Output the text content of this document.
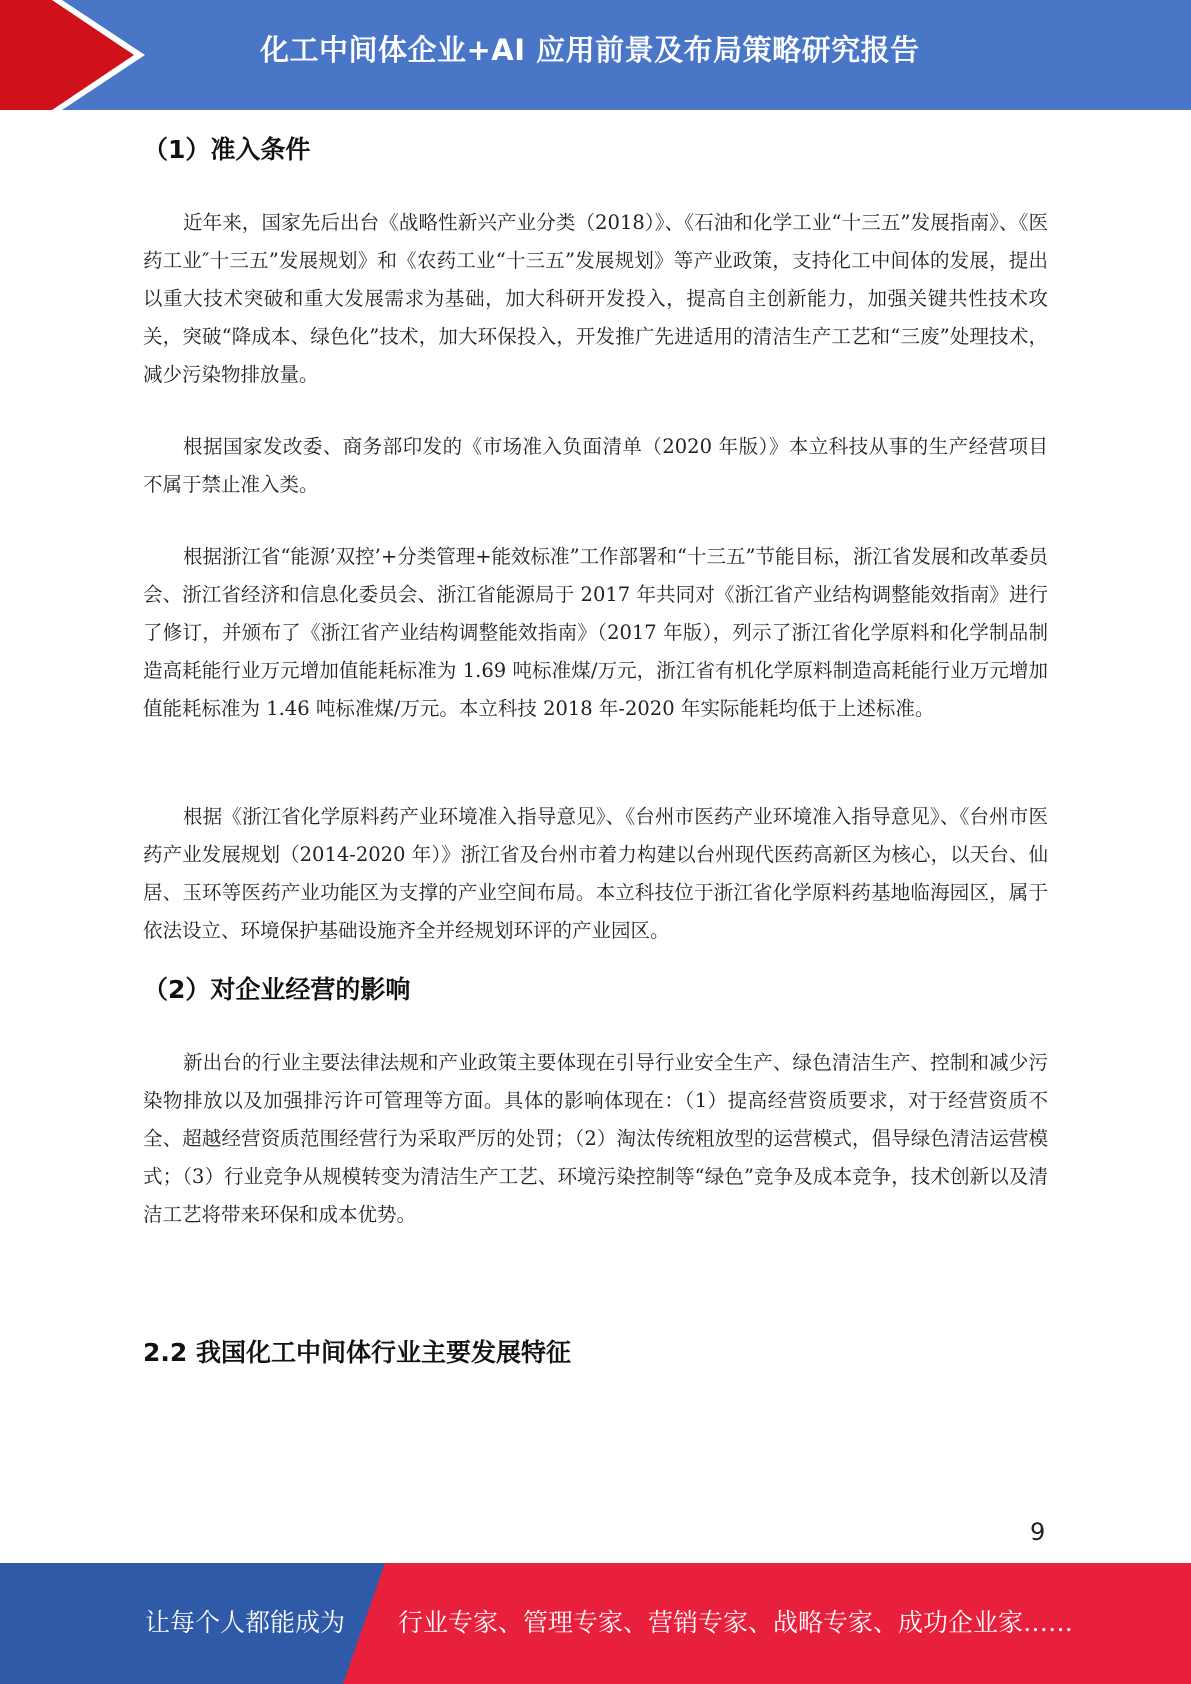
化工中间体企业+AI 应用前景及布局策略研究报告
（1）准入条件

近年来，国家先后出台《战略性新兴产业分类（2018）》、《石油和化学工业“十三五”发展指南》、《医药工业″十三五”发展规划》和《农药工业“十三五”发展规划》等产业政策，支持化工中间体的发展，提出以重大技术突破和重大发展需求为基础，加大科研开发投入，提高自主创新能力，加强关键共性技术攻关，突破“降成本、绿色化”技术，加大环保投入，开发推广先进适用的清洁生产工艺和“三废”处理技术，减少污染物排放量。

根据国家发改委、商务部印发的《市场准入负面清单（2020 年版）》本立科技从事的生产经营项目不属于禁止准入类。

根据浙江省“能源’双控’+分类管理+能效标准”工作部署和“十三五”节能目标，浙江省发展和改革委员会、浙江省经济和信息化委员会、浙江省能源局于 2017 年共同对《浙江省产业结构调整能效指南》进行了修订，并颁布了《浙江省产业结构调整能效指南》（2017 年版），列示了浙江省化学原料和化学制品制造高耗能行业万元增加值能耗标准为 1.69 吨标准煤/万元，浙江省有机化学原料制造高耗能行业万元增加值能耗标准为 1.46 吨标准煤/万元。本立科技 2018 年-2020 年实际能耗均低于上述标准。

根据《浙江省化学原料药产业环境准入指导意见》、《台州市医药产业环境准入指导意见》、《台州市医药产业发展规划（2014-2020 年）》浙江省及台州市着力构建以台州现代医药高新区为核心，以天台、仙居、玉环等医药产业功能区为支撑的产业空间布局。本立科技位于浙江省化学原料药基地临海园区，属于依法设立、环境保护基础设施齐全并经规划环评的产业园区。

（2）对企业经营的影响

新出台的行业主要法律法规和产业政策主要体现在引导行业安全生产、绿色清洁生产、控制和减少污染物排放以及加强排污许可管理等方面。具体的影响体现在：（1）提高经营资质要求，对于经营资质不全、超越经营资质范围经营行为采取严厉的处罚；（2）淘汰传统粗放型的运营模式，倡导绿色清洁运营模式；（3）行业竞争从规模转变为清洁生产工艺、环境污染控制等“绿色”竞争及成本竞争，技术创新以及清洁工艺将带来环保和成本优势。

2.2 我国化工中间体行业主要发展特征
9
让每个人都能成为 行业专家、管理专家、营销专家、战略专家、成功企业家……
